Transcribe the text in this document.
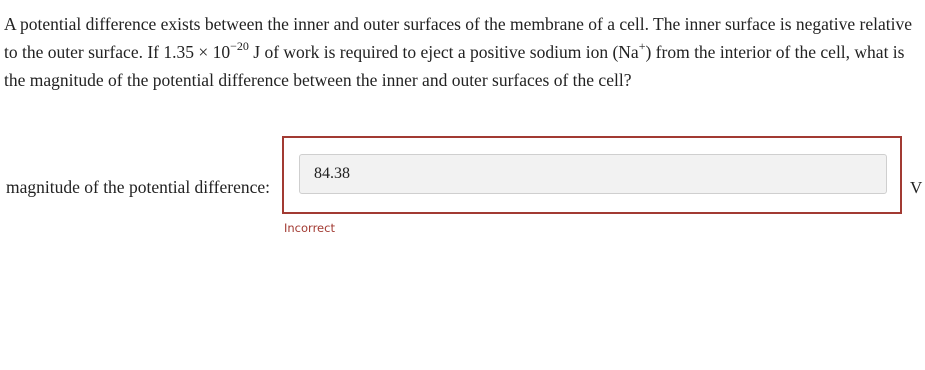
A potential difference exists between the inner and outer surfaces of the membrane of a cell. The inner surface is negative relative to the outer surface. If $1.35 \times 10^{-20}$ J of work is required to eject a positive sodium ion (Na+) from the interior of the cell, what is the magnitude of the potential difference between the inner and outer surfaces of the cell?
magnitude of the potential difference:
84.38	V
Incorrect
